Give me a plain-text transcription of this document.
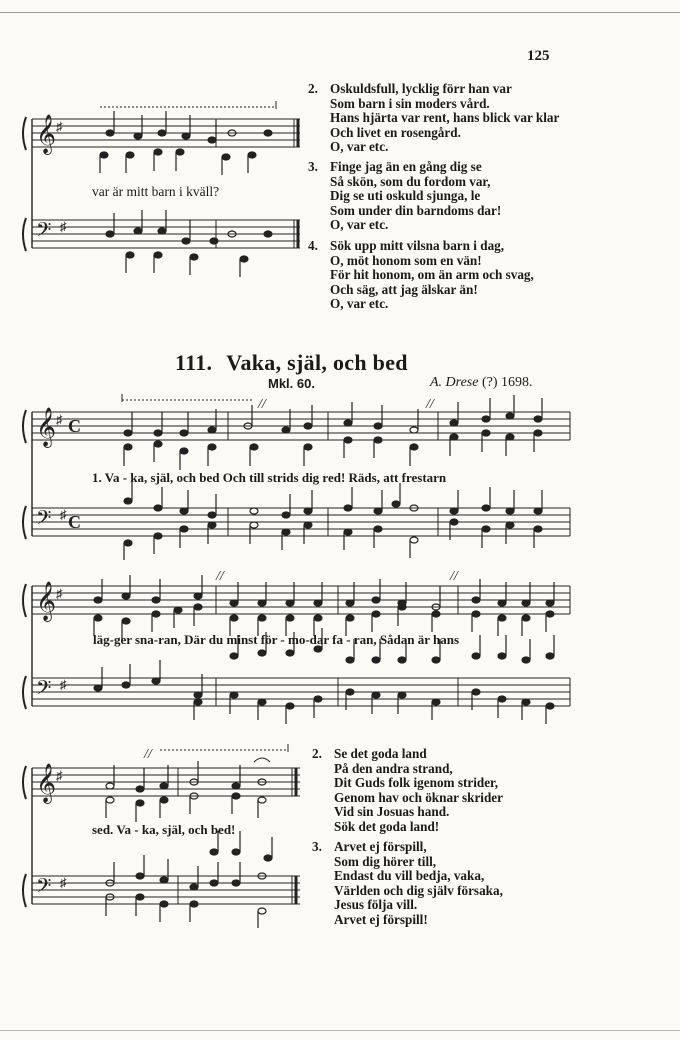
125
𝄞 ♯
𝄢 ♯
var är mitt barn i kväll?
2. Oskuldsfull, lycklig förr han var
Som barn i sin moders vård.
Hans hjärta var rent, hans blick var klar
Och livet en rosengård.
O, var etc.
3. Finge jag än en gång dig se
Så skön, som du fordom var,
Dig se uti oskuld sjunga, le
Som under din barndoms dar!
O, var etc.
4. Sök upp mitt vilsna barn i dag,
O, möt honom som en vän!
För hit honom, om än arm och svag,
Och säg, att jag älskar än!
O, var etc.
111. Vaka, själ, och bed
Mkl. 60.	A. Drese (?) 1698.
//	//
𝄞 ♯ C
𝄢 ♯ C
1. Va - ka, själ, och bed Och till strids dig red! Räds, att frestarn
//	//
𝄞 ♯
𝄢 ♯
läg-ger sna-ran, Där du minst för - mo-dar fa - ran, Sådan är hans
//
𝄞 ♯
𝄢 ♯
sed. Va - ka, själ, och bed!
2. Se det goda land
På den andra strand,
Dit Guds folk igenom strider,
Genom hav och öknar skrider
Vid sin Josuas hand.
Sök det goda land!
3. Arvet ej förspill,
Som dig hörer till,
Endast du vill bedja, vaka,
Världen och dig själv försaka,
Jesus följa vill.
Arvet ej förspill!
